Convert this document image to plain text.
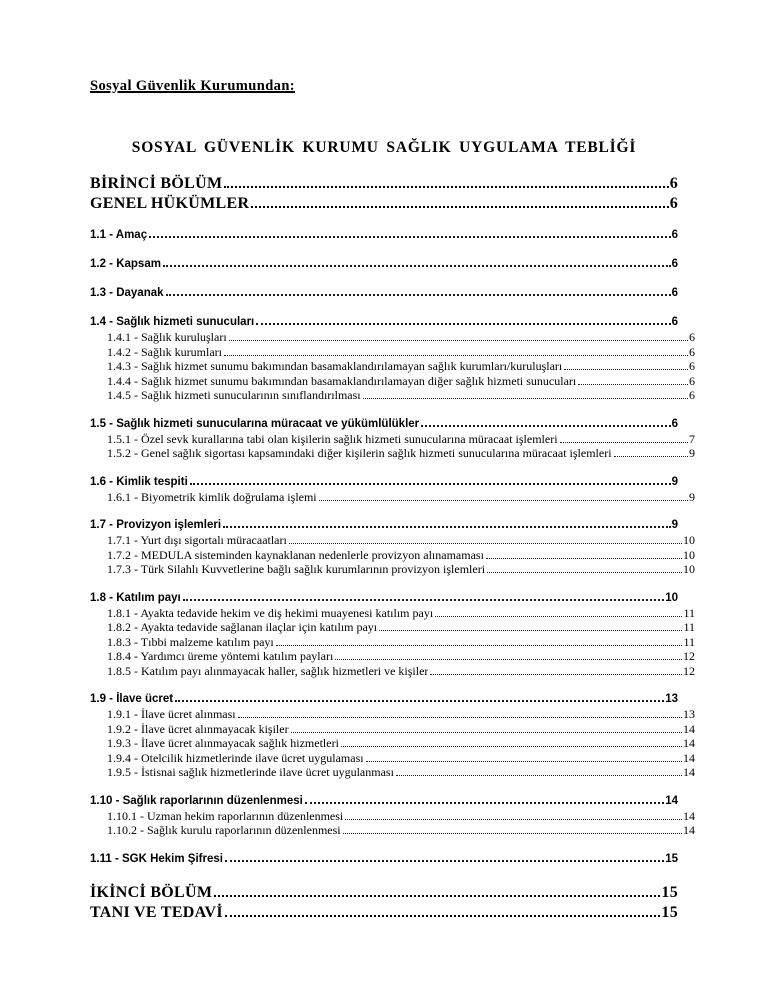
Sosyal Güvenlik Kurumundan:
SOSYAL GÜVENLİK KURUMU SAĞLIK UYGULAMA TEBLİĞİ
BİRİNCİ BÖLÜM	6
GENEL HÜKÜMLER	6
1.1 - Amaç	6
1.2 - Kapsam	6
1.3 - Dayanak	6
1.4 - Sağlık hizmeti sunucuları	6
1.4.1 - Sağlık kuruluşları	6
1.4.2 - Sağlık kurumları	6
1.4.3 - Sağlık hizmet sunumu bakımından basamaklandırılamayan sağlık kurumları/kuruluşları	6
1.4.4 - Sağlık hizmet sunumu bakımından basamaklandırılamayan diğer sağlık hizmeti sunucuları	6
1.4.5 - Sağlık hizmeti sunucularının sınıflandırılması	6
1.5 - Sağlık hizmeti sunucularına müracaat ve yükümlülükler	6
1.5.1 - Özel sevk kurallarına tabi olan kişilerin sağlık hizmeti sunucularına müracaat işlemleri	7
1.5.2 - Genel sağlık sigortası kapsamındaki diğer kişilerin sağlık hizmeti sunucularına müracaat işlemleri	9
1.6 - Kimlik tespiti	9
1.6.1 - Biyometrik kimlik doğrulama işlemi	9
1.7 - Provizyon işlemleri	9
1.7.1 - Yurt dışı sigortalı müracaatları	10
1.7.2 - MEDULA sisteminden kaynaklanan nedenlerle provizyon alınamaması	10
1.7.3 - Türk Silahlı Kuvvetlerine bağlı sağlık kurumlarının provizyon işlemleri	10
1.8 - Katılım payı	10
1.8.1 - Ayakta tedavide hekim ve diş hekimi muayenesi katılım payı	11
1.8.2 - Ayakta tedavide sağlanan ilaçlar için katılım payı	11
1.8.3 - Tıbbi malzeme katılım payı	11
1.8.4 - Yardımcı üreme yöntemi katılım payları	12
1.8.5 - Katılım payı alınmayacak haller, sağlık hizmetleri ve kişiler	12
1.9 - İlave ücret	13
1.9.1 - İlave ücret alınması	13
1.9.2 - İlave ücret alınmayacak kişiler	14
1.9.3 - İlave ücret alınmayacak sağlık hizmetleri	14
1.9.4 - Otelcilik hizmetlerinde ilave ücret uygulaması	14
1.9.5 - İstisnai sağlık hizmetlerinde ilave ücret uygulanması	14
1.10 - Sağlık raporlarının düzenlenmesi	14
1.10.1 - Uzman hekim raporlarının düzenlenmesi	14
1.10.2 - Sağlık kurulu raporlarının düzenlenmesi	14
1.11 - SGK Hekim Şifresi	15
İKİNCİ BÖLÜM	15
TANI VE TEDAVİ	15
